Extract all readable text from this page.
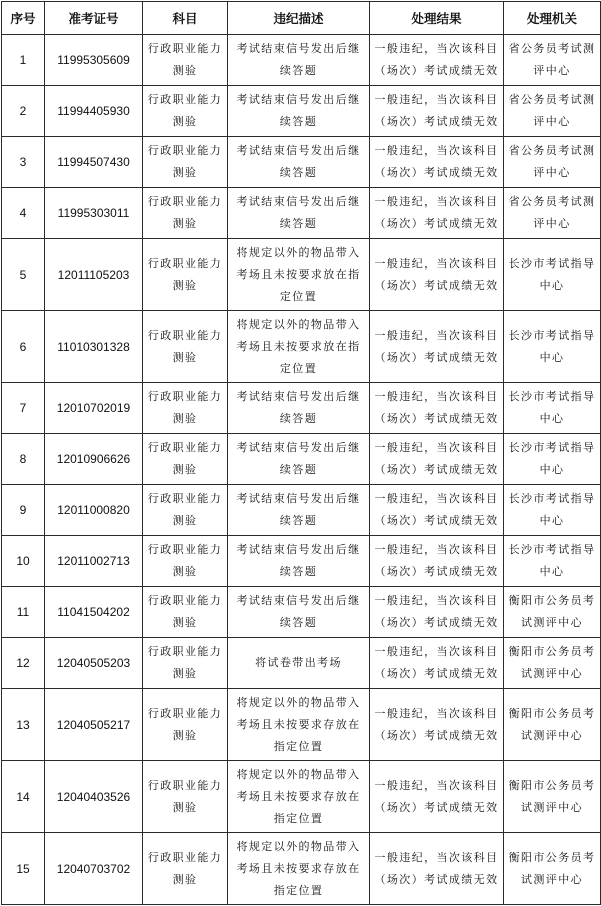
序号	准考证号	科目	违纪描述	处理结果	处理机关
1	11995305609	行政职业能力测验	考试结束信号发出后继续答题	一般违纪，当次该科目（场次）考试成绩无效	省公务员考试测评中心
2	11994405930	行政职业能力测验	考试结束信号发出后继续答题	一般违纪，当次该科目（场次）考试成绩无效	省公务员考试测评中心
3	11994507430	行政职业能力测验	考试结束信号发出后继续答题	一般违纪，当次该科目（场次）考试成绩无效	省公务员考试测评中心
4	11995303011	行政职业能力测验	考试结束信号发出后继续答题	一般违纪，当次该科目（场次）考试成绩无效	省公务员考试测评中心
5	12011105203	行政职业能力测验	将规定以外的物品带入考场且未按要求放在指定位置	一般违纪，当次该科目（场次）考试成绩无效	长沙市考试指导中心
6	11010301328	行政职业能力测验	将规定以外的物品带入考场且未按要求放在指定位置	一般违纪，当次该科目（场次）考试成绩无效	长沙市考试指导中心
7	12010702019	行政职业能力测验	考试结束信号发出后继续答题	一般违纪，当次该科目（场次）考试成绩无效	长沙市考试指导中心
8	12010906626	行政职业能力测验	考试结束信号发出后继续答题	一般违纪，当次该科目（场次）考试成绩无效	长沙市考试指导中心
9	12011000820	行政职业能力测验	考试结束信号发出后继续答题	一般违纪，当次该科目（场次）考试成绩无效	长沙市考试指导中心
10	12011002713	行政职业能力测验	考试结束信号发出后继续答题	一般违纪，当次该科目（场次）考试成绩无效	长沙市考试指导中心
11	11041504202	行政职业能力测验	考试结束信号发出后继续答题	一般违纪，当次该科目（场次）考试成绩无效	衡阳市公务员考试测评中心
12	12040505203	行政职业能力测验	将试卷带出考场	一般违纪，当次该科目（场次）考试成绩无效	衡阳市公务员考试测评中心
13	12040505217	行政职业能力测验	将规定以外的物品带入考场且未按要求存放在指定位置	一般违纪，当次该科目（场次）考试成绩无效	衡阳市公务员考试测评中心
14	12040403526	行政职业能力测验	将规定以外的物品带入考场且未按要求存放在指定位置	一般违纪，当次该科目（场次）考试成绩无效	衡阳市公务员考试测评中心
15	12040703702	行政职业能力测验	将规定以外的物品带入考场且未按要求存放在指定位置	一般违纪，当次该科目（场次）考试成绩无效	衡阳市公务员考试测评中心
